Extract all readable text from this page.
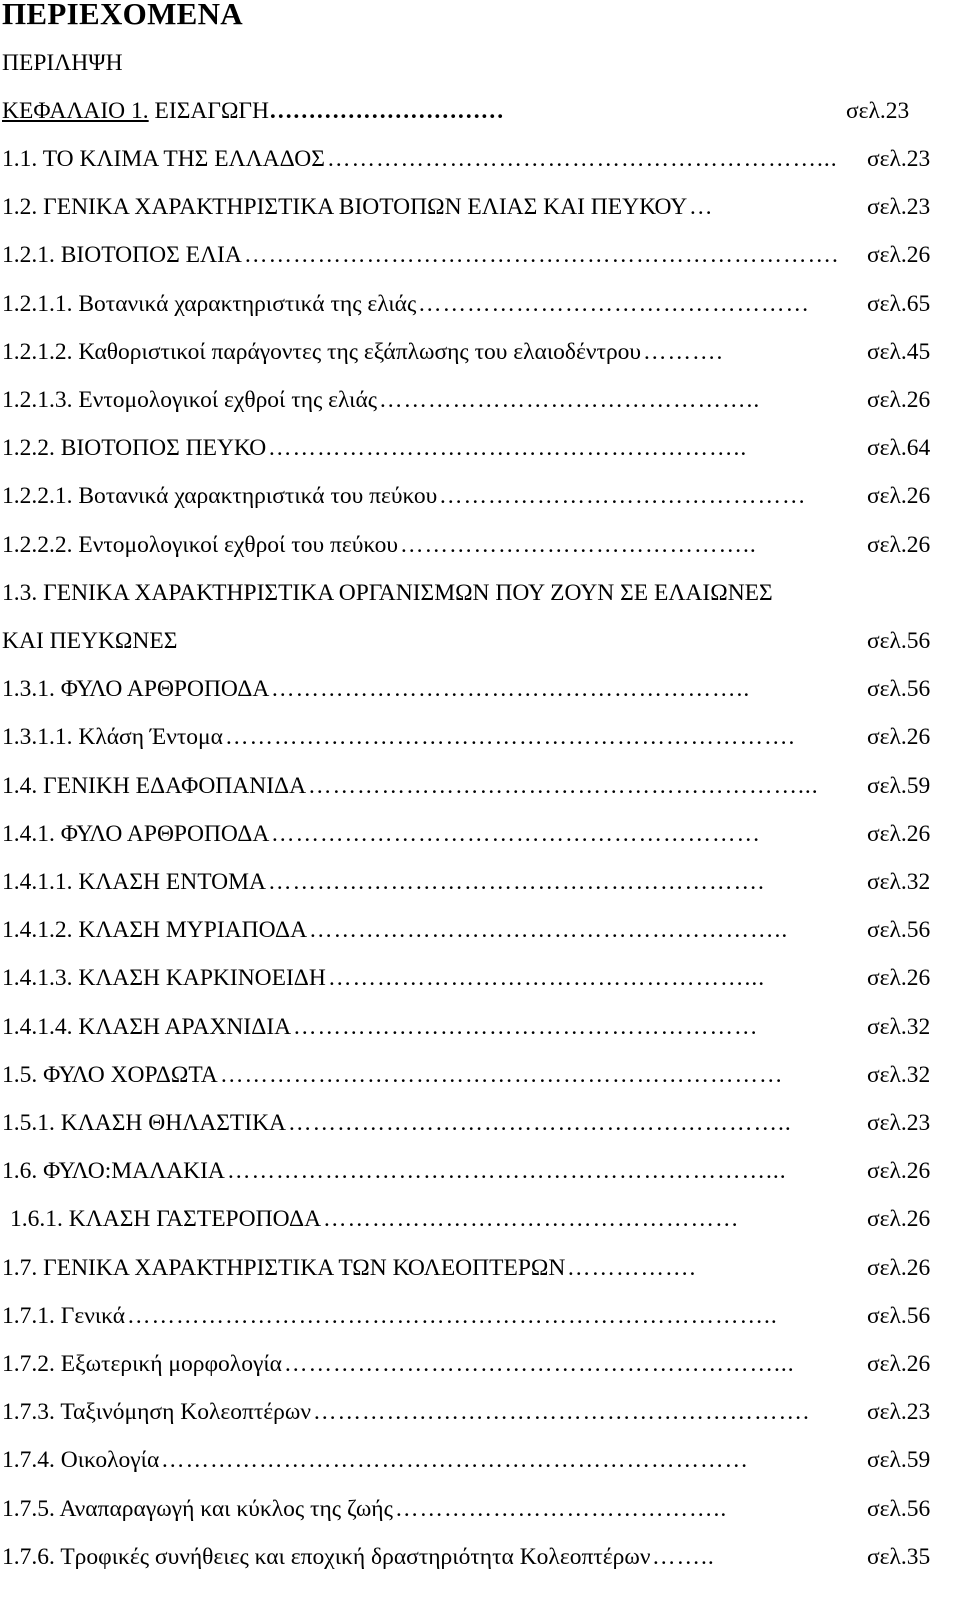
ΠΕΡΙΕΧΟΜΕΝΑ
ΠΕΡΙΛΗΨΗ
ΚΕΦΑΛΑΙΟ 1. ΕΙΣΑΓΩΓΗ…………………………	σελ.23
1.1. ΤΟ ΚΛΙΜΑ ΤΗΣ ΕΛΛΑΔΟΣ	σελ.23
……………………………………………………...
1.2. ΓΕΝΙΚΑ ΧΑΡΑΚΤΗΡΙΣΤΙΚΑ ΒΙΟΤΟΠΩΝ ΕΛΙΑΣ ΚΑΙ ΠΕΥΚΟΥ	σελ.23
…
1.2.1. ΒΙΟΤΟΠΟΣ ΕΛΙΑ	σελ.26
……………………………………………………………….
1.2.1.1. Βοτανικά χαρακτηριστικά της ελιάς	σελ.65
…………………………………………
1.2.1.2. Καθοριστικοί παράγοντες της εξάπλωσης του ελαιοδέντρου	σελ.45
……….
1.2.1.3. Εντομολογικοί εχθροί της ελιάς	σελ.26
………………………………………..
1.2.2. ΒΙΟΤΟΠΟΣ ΠΕΥΚΟ	σελ.64
…………………………………………………..
1.2.2.1. Βοτανικά χαρακτηριστικά του πεύκου	σελ.26
………………………………………
1.2.2.2. Εντομολογικοί εχθροί του πεύκου	σελ.26
……………………………………..
1.3. ΓΕΝΙΚΑ ΧΑΡΑΚΤΗΡΙΣΤΙΚΑ ΟΡΓΑΝΙΣΜΩΝ ΠΟΥ ΖΟΥΝ ΣΕ ΕΛΑΙΩΝΕΣ
ΚΑΙ ΠΕΥΚΩΝΕΣ	σελ.56
1.3.1. ΦΥΛΟ ΑΡΘΡΟΠΟΔΑ	σελ.56
…………………………………………………..
1.3.1.1. Κλάση Έντομα	σελ.26
…………………………………………………………….
1.4. ΓΕΝΙΚΗ ΕΔΑΦΟΠΑΝΙΔΑ	σελ.59
……………………………………………………...
1.4.1. ΦΥΛΟ ΑΡΘΡΟΠΟΔΑ	σελ.26
……………………………………………………
1.4.1.1. ΚΛΑΣΗ ΕΝΤΟΜΑ	σελ.32
…………………………………………………….
1.4.1.2. ΚΛΑΣΗ ΜΥΡΙΑΠΟΔΑ	σελ.56
…………………………………………………..
1.4.1.3. ΚΛΑΣΗ ΚΑΡΚΙΝΟΕΙΔΗ	σελ.26
……………………………………………...
1.4.1.4. ΚΛΑΣΗ ΑΡΑΧΝΙΔΙΑ	σελ.32
…………………………………………………
1.5. ΦΥΛΟ ΧΟΡΔΩΤΑ	σελ.32
……………………………………………………………
1.5.1. ΚΛΑΣΗ ΘΗΛΑΣΤΙΚΑ	σελ.23
……………………………………………………..
1.6. ΦΥΛΟ:ΜΑΛΑΚΙΑ	σελ.26
…………………………………………………………...
1.6.1. ΚΛΑΣΗ ΓΑΣΤΕΡΟΠΟΔΑ	σελ.26
……………………………………………
1.7. ΓΕΝΙΚΑ ΧΑΡΑΚΤΗΡΙΣΤΙΚΑ ΤΩΝ ΚΟΛΕΟΠΤΕΡΩΝ	σελ.26
…………….
1.7.1. Γενικά	σελ.56
……………………………………………………………………..
1.7.2. Εξωτερική μορφολογία	σελ.26
……………………………………………………...
1.7.3. Ταξινόμηση Κολεοπτέρων	σελ.23
…………………………………………………….
1.7.4. Οικολογία	σελ.59
………………………………………………………………
1.7.5. Αναπαραγωγή και κύκλος της ζωής	σελ.56
…………………………………..
1.7.6. Τροφικές συνήθειες και εποχική δραστηριότητα Κολεοπτέρων	σελ.35
……..
